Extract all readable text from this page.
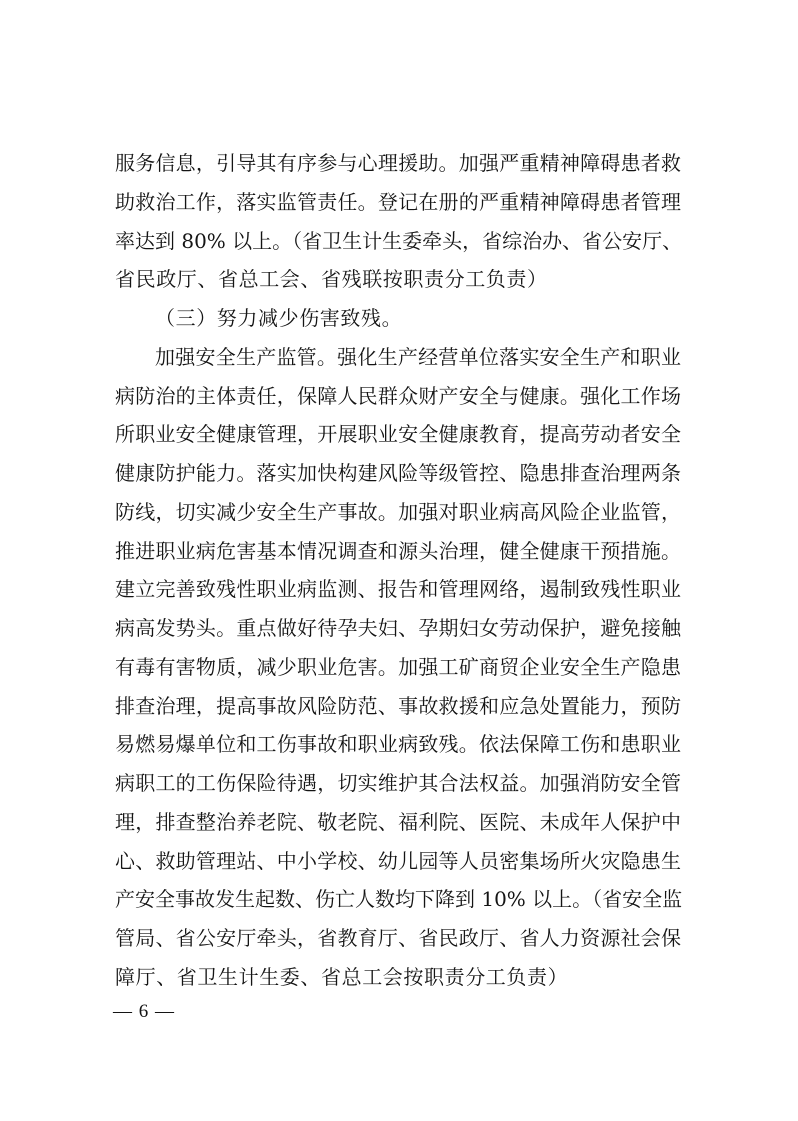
服务信息，引导其有序参与心理援助。加强严重精神障碍患者救
助救治工作，落实监管责任。登记在册的严重精神障碍患者管理
率达到 80% 以上。（省卫生计生委牵头，省综治办、省公安厅、
省民政厅、省总工会、省残联按职责分工负责）
（三）努力减少伤害致残。
加强安全生产监管。强化生产经营单位落实安全生产和职业
病防治的主体责任，保障人民群众财产安全与健康。强化工作场
所职业安全健康管理，开展职业安全健康教育，提高劳动者安全
健康防护能力。落实加快构建风险等级管控、隐患排查治理两条
防线，切实减少安全生产事故。加强对职业病高风险企业监管，
推进职业病危害基本情况调查和源头治理，健全健康干预措施。
建立完善致残性职业病监测、报告和管理网络，遏制致残性职业
病高发势头。重点做好待孕夫妇、孕期妇女劳动保护，避免接触
有毒有害物质，减少职业危害。加强工矿商贸企业安全生产隐患
排查治理，提高事故风险防范、事故救援和应急处置能力，预防
易燃易爆单位和工伤事故和职业病致残。依法保障工伤和患职业
病职工的工伤保险待遇，切实维护其合法权益。加强消防安全管
理，排查整治养老院、敬老院、福利院、医院、未成年人保护中
心、救助管理站、中小学校、幼儿园等人员密集场所火灾隐患生
产安全事故发生起数、伤亡人数均下降到 10% 以上。（省安全监
管局、省公安厅牵头，省教育厅、省民政厅、省人力资源社会保
障厅、省卫生计生委、省总工会按职责分工负责）
— 6 —
